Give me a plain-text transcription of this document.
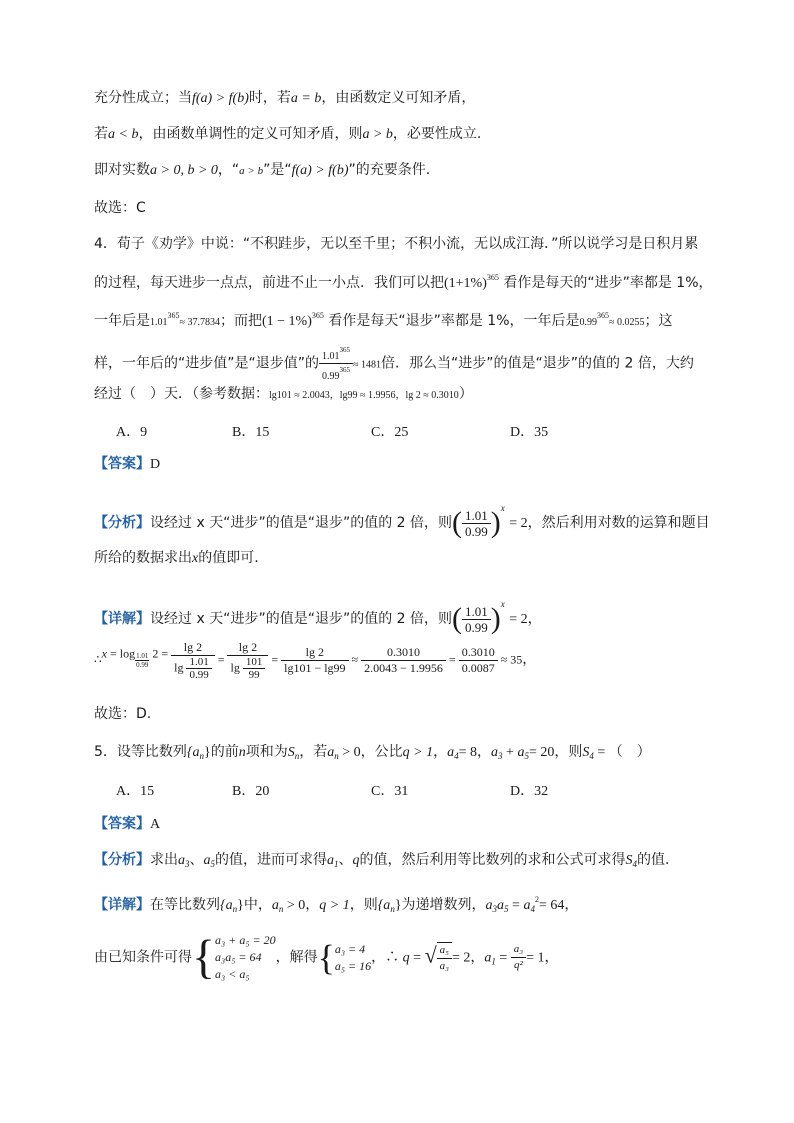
充分性成立；当f(a) > f(b)时，若a = b，由函数定义可知矛盾，
若a < b，由函数单调性的定义可知矛盾，则a > b，必要性成立.
即对实数a > 0, b > 0，“a > b”是“f(a) > f(b)”的充要条件.
故选：C
4．荀子《劝学》中说：“不积跬步，无以至千里；不积小流，无以成江海．”所以说学习是日积月累
的过程，每天进步一点点，前进不止一小点．我们可以把$(1+1\%)^{365}$ 看作是每天的“进步”率都是 1%，
一年后是$1.01^{365}\approx 37.7834$；而把$(1 - 1\%)^{365}$ 看作是每天“退步”率都是 1%，一年后是$0.99^{365}\approx 0.0255$；这
样，一年后的“进步值”是“退步值”的 $\frac{1.01^{365}}{0.99^{365}} \approx 1481$倍．那么当“进步”的值是“退步”的值的 2 倍，大约
经过（　）天．（参考数据：lg101 ≈ 2.0043，lg99 ≈ 1.9956，lg 2 ≈ 0.3010）
A．9	B．15	C．25	D．35
【答案】D
【分析】设经过 x 天“进步”的值是“退步”的值的 2 倍，则( $\frac{1.01}{0.99} )^x = 2$，然后利用对数的运算和题目
所给的数据求出x的值即可.
【详解】设经过 x 天“进步”的值是“退步”的值的 2 倍，则( $\frac{1.01}{0.99} )^x = 2$，
∴x = $\log \frac{1.01}{0.99} 2 = \frac{\lg 2}{\lg \frac{1.01}{0.99}} = \frac{\lg 2}{\lg \frac{101}{99}} = \frac{\lg 2}{\lg 101 - \lg 99} \approx \frac{0.3010}{2.0043 - 1.9956} = \frac{0.3010}{0.0087} \approx 35$，
故选：D.
5．设等比数列$\{a_n\}$的前n项和为$S_n$，若$a_n > 0$，公比q > 1，$a_4= 8$，$a_3 + a_5= 20$，则$S_4$ = （　）
A．15	B．20	C．31	D．32
【答案】A
【分析】求出$a_3$、$a_5$的值，进而可求得$a_1$、q的值，然后利用等比数列的求和公式可求得$S_4$的值.
【详解】在等比数列$\{a_n\}$中，$a_n > 0$，q > 1，则$\{a_n\}$为递增数列，$a_3a_5 = a_4^2= 64$，
由已知条件可得{ a₃ + a₅ = 20
a₃a₅ = 64
a₃ < a₅
，解得{ a₃ = 4
a₅ = 16 ，∴ q = √ $\frac{\text{a₅}}{\text{a₃}} = 2$，$a_1 = \frac{\text{a₃}}{\text{q²}} = 1$，
